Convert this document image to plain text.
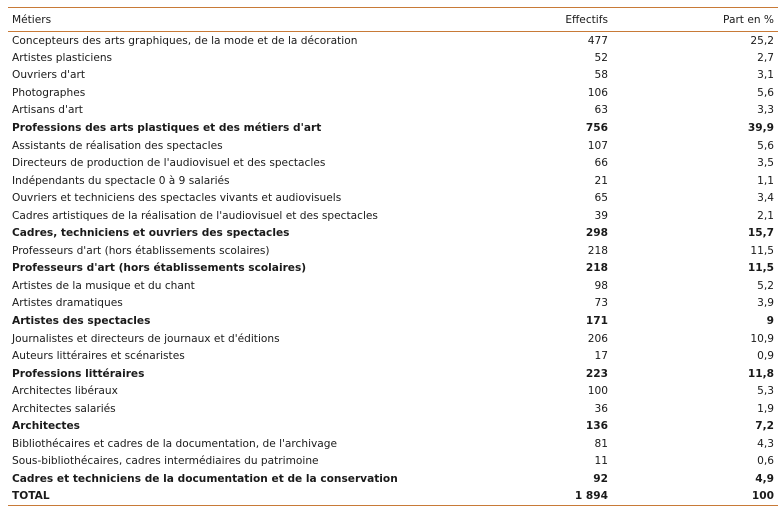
Métiers	Effectifs	Part en %
Concepteurs des arts graphiques, de la mode et de la décoration	477	25,2
Artistes plasticiens	52	2,7
Ouvriers d'art	58	3,1
Photographes	106	5,6
Artisans d'art	63	3,3
Professions des arts plastiques et des métiers d'art	756	39,9
Assistants de réalisation des spectacles	107	5,6
Directeurs de production de l'audiovisuel et des spectacles	66	3,5
Indépendants du spectacle 0 à 9 salariés	21	1,1
Ouvriers et techniciens des spectacles vivants et audiovisuels	65	3,4
Cadres artistiques de la réalisation de l'audiovisuel et des spectacles	39	2,1
Cadres, techniciens et ouvriers des spectacles	298	15,7
Professeurs d'art (hors établissements scolaires)	218	11,5
Professeurs d'art (hors établissements scolaires)	218	11,5
Artistes de la musique et du chant	98	5,2
Artistes dramatiques	73	3,9
Artistes des spectacles	171	9
Journalistes et directeurs de journaux et d'éditions	206	10,9
Auteurs littéraires et scénaristes	17	0,9
Professions littéraires	223	11,8
Architectes libéraux	100	5,3
Architectes salariés	36	1,9
Architectes	136	7,2
Bibliothécaires et cadres de la documentation, de l'archivage	81	4,3
Sous-bibliothécaires, cadres intermédiaires du patrimoine	11	0,6
Cadres et techniciens de la documentation et de la conservation	92	4,9
TOTAL	1 894	100
